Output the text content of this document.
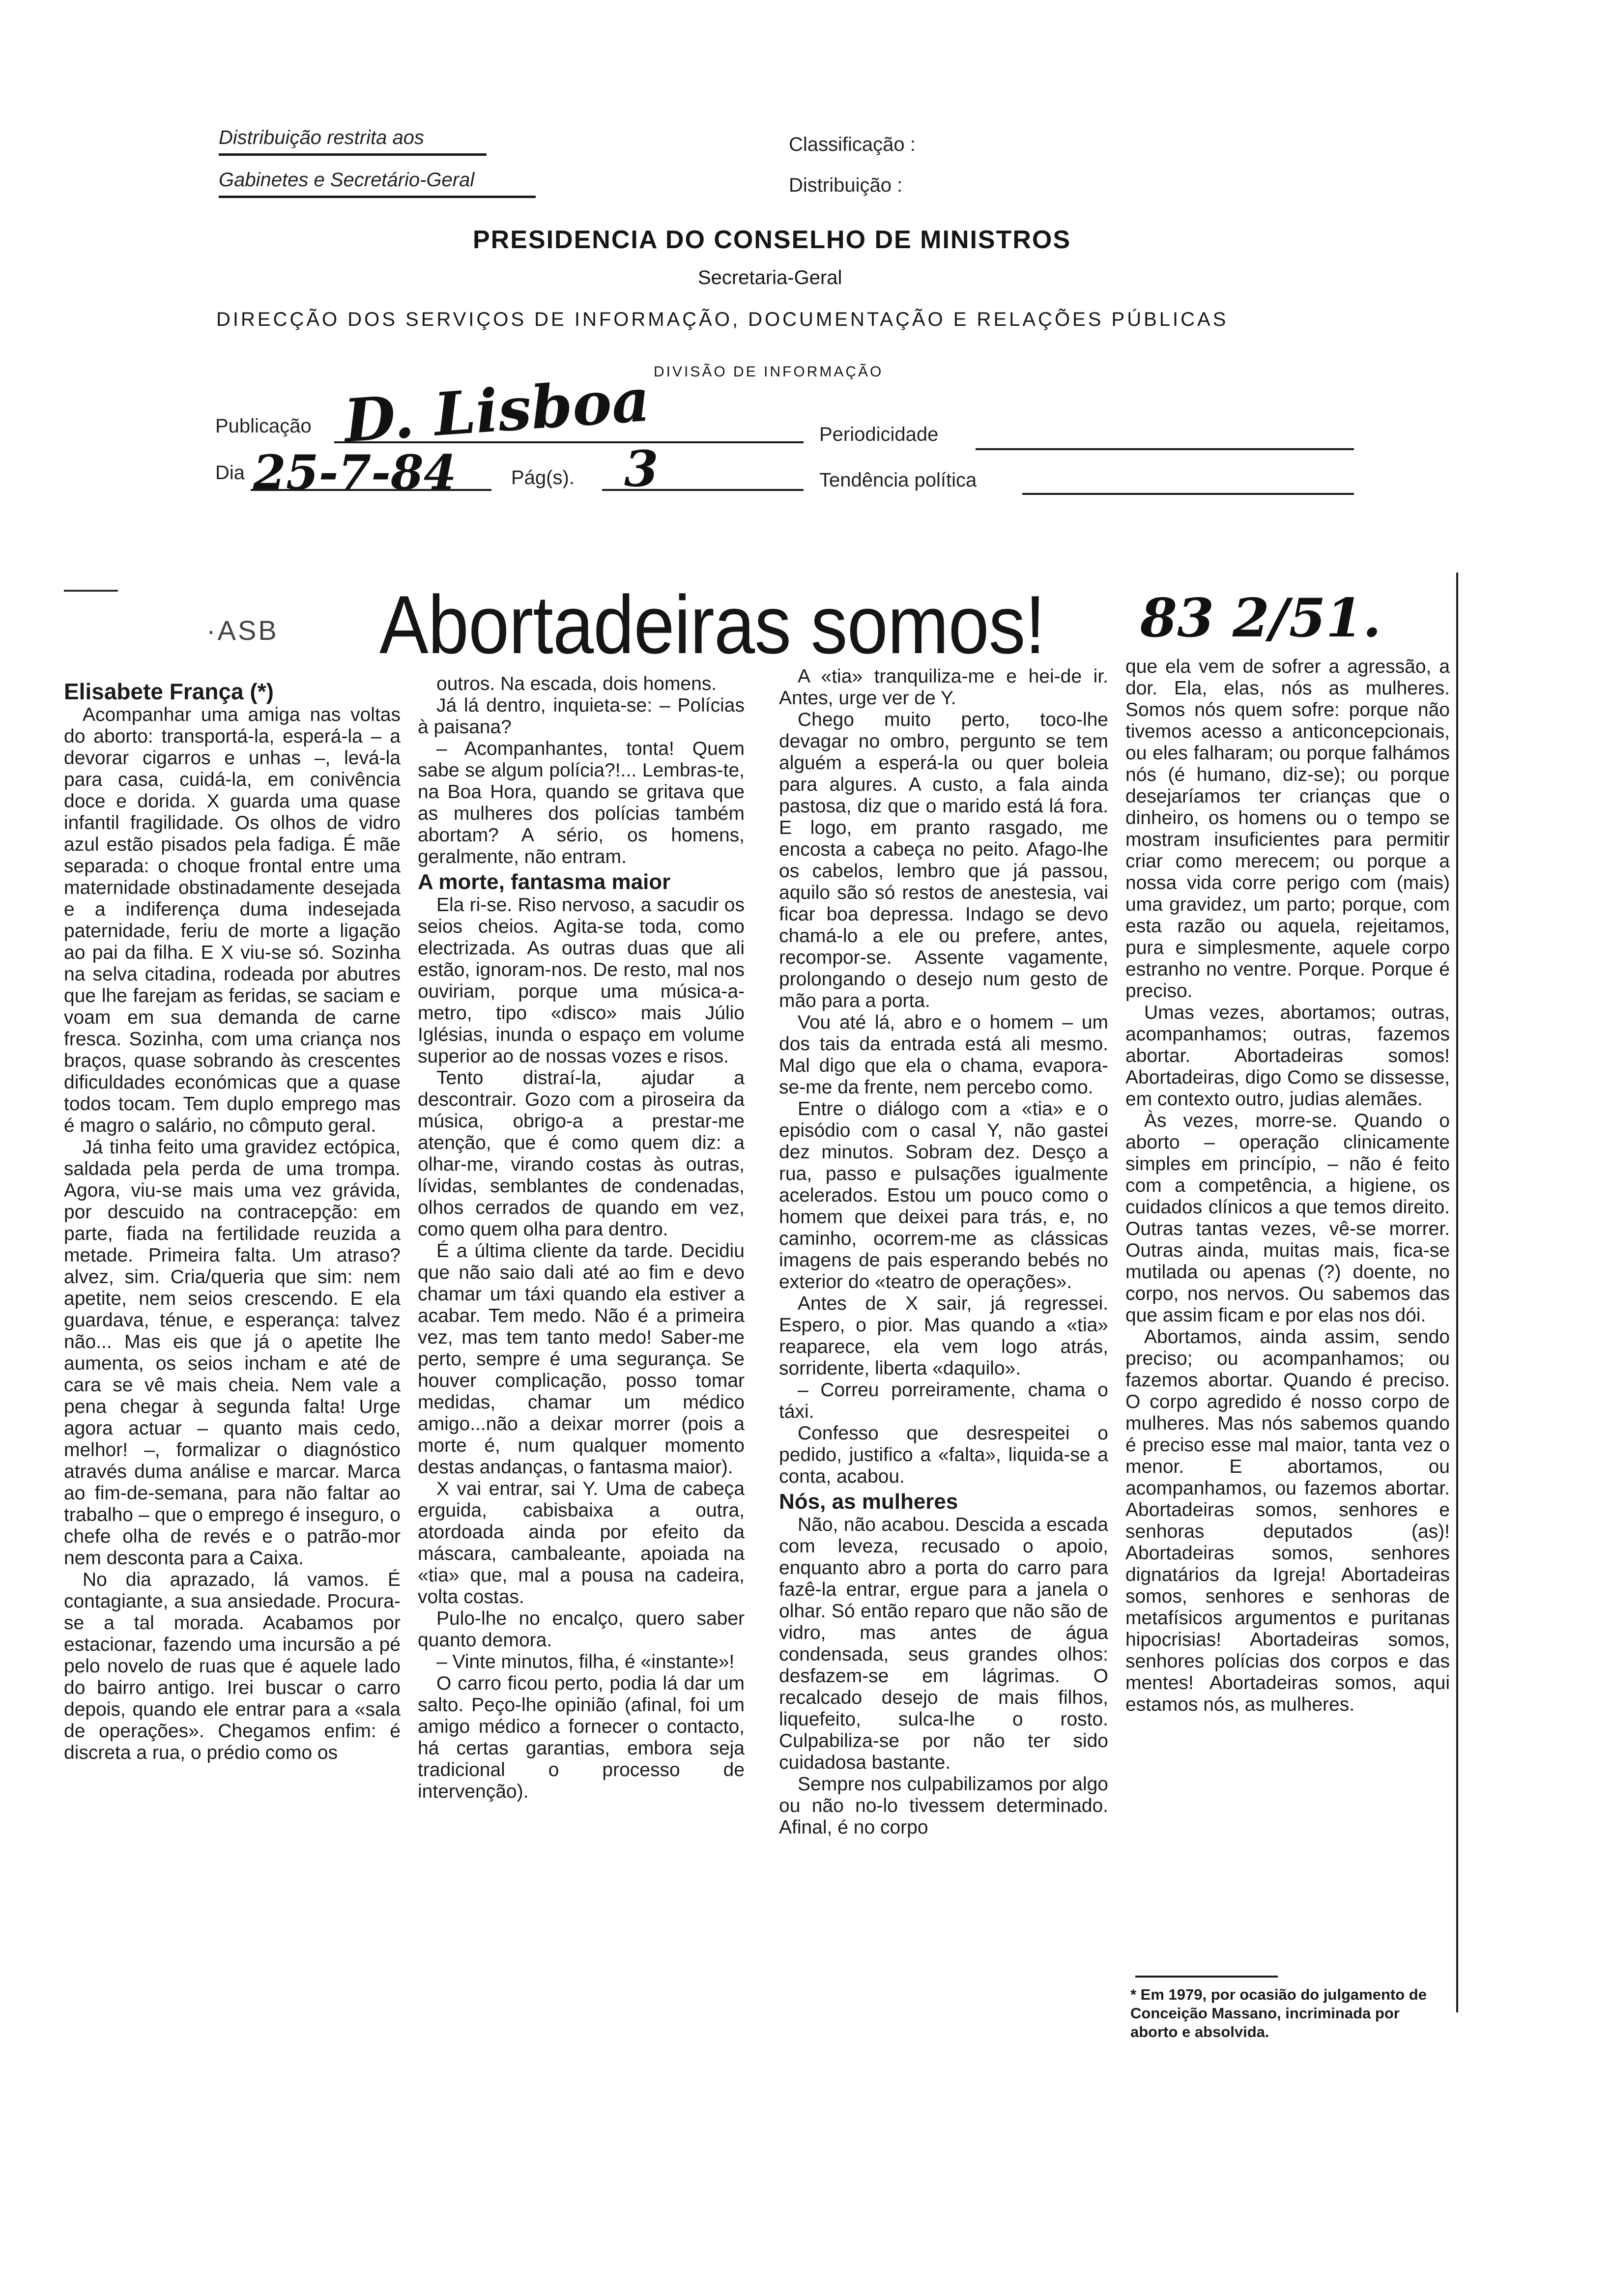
Distribuição restrita aos
Gabinetes e Secretário-Geral
Classificação :
Distribuição :
PRESIDENCIA DO CONSELHO DE MINISTROS
Secretaria-Geral
DIRECÇÃO DOS SERVIÇOS DE INFORMAÇÃO, DOCUMENTAÇÃO E RELAÇÕES PÚBLICAS
DIVISÃO DE INFORMAÇÃO
Publicação D. Lisboa	Periodicidade
Dia 25-7-84	Pág(s). 3	Tendência política
·ASB Abortadeiras somos! 83 2/51.
Elisabete França (*)

Acompanhar uma amiga nas voltas do aborto: transportá-la, esperá-la – a devorar cigarros e unhas –, levá-la para casa, cuidá-la, em conivência doce e dorida. X guarda uma quase infantil fragilidade. Os olhos de vidro azul estão pisados pela fadiga. É mãe separada: o choque frontal entre uma maternidade obstinadamente desejada e a indiferença duma indesejada paternidade, feriu de morte a ligação ao pai da filha. E X viu-se só. Sozinha na selva citadina, rodeada por abutres que lhe farejam as feridas, se saciam e voam em sua demanda de carne fresca. Sozinha, com uma criança nos braços, quase sobrando às crescentes dificuldades económicas que a quase todos tocam. Tem duplo emprego mas é magro o salário, no cômputo geral.

Já tinha feito uma gravidez ectópica, saldada pela perda de uma trompa. Agora, viu-se mais uma vez grávida, por descuido na contracepção: em parte, fiada na fertilidade reuzida a metade. Primeira falta. Um atraso? alvez, sim. Cria/queria que sim: nem apetite, nem seios crescendo. E ela guardava, ténue, e esperança: talvez não... Mas eis que já o apetite lhe aumenta, os seios incham e até de cara se vê mais cheia. Nem vale a pena chegar à segunda falta! Urge agora actuar – quanto mais cedo, melhor! –, formalizar o diagnóstico através duma análise e marcar. Marca ao fim-de-semana, para não faltar ao trabalho – que o emprego é inseguro, o chefe olha de revés e o patrão-mor nem desconta para a Caixa.

No dia aprazado, lá vamos. É contagiante, a sua ansiedade. Procura-se a tal morada. Acabamos por estacionar, fazendo uma incursão a pé pelo novelo de ruas que é aquele lado do bairro antigo. Irei buscar o carro depois, quando ele entrar para a «sala de operações». Chegamos enfim: é discreta a rua, o prédio como os

outros. Na escada, dois homens.

Já lá dentro, inquieta-se: – Polícias à paisana?

– Acompanhantes, tonta! Quem sabe se algum polícia?!... Lembras-te, na Boa Hora, quando se gritava que as mulheres dos polícias também abortam? A sério, os homens, geralmente, não entram.

A morte, fantasma maior

Ela ri-se. Riso nervoso, a sacudir os seios cheios. Agita-se toda, como electrizada. As outras duas que ali estão, ignoram-nos. De resto, mal nos ouviriam, porque uma música-a-metro, tipo «disco» mais Júlio Iglésias, inunda o espaço em volume superior ao de nossas vozes e risos.

Tento distraí-la, ajudar a descontrair. Gozo com a piroseira da música, obrigo-a a prestar-me atenção, que é como quem diz: a olhar-me, virando costas às outras, lívidas, semblantes de condenadas, olhos cerrados de quando em vez, como quem olha para dentro.

É a última cliente da tarde. Decidiu que não saio dali até ao fim e devo chamar um táxi quando ela estiver a acabar. Tem medo. Não é a primeira vez, mas tem tanto medo! Saber-me perto, sempre é uma segurança. Se houver complicação, posso tomar medidas, chamar um médico amigo...não a deixar morrer (pois a morte é, num qualquer momento destas andanças, o fantasma maior).

X vai entrar, sai Y. Uma de cabeça erguida, cabisbaixa a outra, atordoada ainda por efeito da máscara, cambaleante, apoiada na «tia» que, mal a pousa na cadeira, volta costas.

Pulo-lhe no encalço, quero saber quanto demora.

– Vinte minutos, filha, é «instante»!

O carro ficou perto, podia lá dar um salto. Peço-lhe opinião (afinal, foi um amigo médico a fornecer o contacto, há certas garantias, embora seja tradicional o processo de intervenção).

A «tia» tranquiliza-me e hei-de ir. Antes, urge ver de Y.

Chego muito perto, toco-lhe devagar no ombro, pergunto se tem alguém a esperá-la ou quer boleia para algures. A custo, a fala ainda pastosa, diz que o marido está lá fora. E logo, em pranto rasgado, me encosta a cabeça no peito. Afago-lhe os cabelos, lembro que já passou, aquilo são só restos de anestesia, vai ficar boa depressa. Indago se devo chamá-lo a ele ou prefere, antes, recompor-se. Assente vagamente, prolongando o desejo num gesto de mão para a porta.

Vou até lá, abro e o homem – um dos tais da entrada está ali mesmo. Mal digo que ela o chama, evapora-se-me da frente, nem percebo como.

Entre o diálogo com a «tia» e o episódio com o casal Y, não gastei dez minutos. Sobram dez. Desço a rua, passo e pulsações igualmente acelerados. Estou um pouco como o homem que deixei para trás, e, no caminho, ocorrem-me as clássicas imagens de pais esperando bebés no exterior do «teatro de operações».

Antes de X sair, já regressei. Espero, o pior. Mas quando a «tia» reaparece, ela vem logo atrás, sorridente, liberta «daquilo».

– Correu porreiramente, chama o táxi.

Confesso que desrespeitei o pedido, justifico a «falta», liquida-se a conta, acabou.

Nós, as mulheres

Não, não acabou. Descida a escada com leveza, recusado o apoio, enquanto abro a porta do carro para fazê-la entrar, ergue para a janela o olhar. Só então reparo que não são de vidro, mas antes de água condensada, seus grandes olhos: desfazem-se em lágrimas. O recalcado desejo de mais filhos, liquefeito, sulca-lhe o rosto. Culpabiliza-se por não ter sido cuidadosa bastante.

Sempre nos culpabilizamos por algo ou não no-lo tivessem determinado. Afinal, é no corpo

que ela vem de sofrer a agressão, a dor. Ela, elas, nós as mulheres. Somos nós quem sofre: porque não tivemos acesso a anticoncepcionais, ou eles falharam; ou porque falhámos nós (é humano, diz-se); ou porque desejaríamos ter crianças que o dinheiro, os homens ou o tempo se mostram insuficientes para permitir criar como merecem; ou porque a nossa vida corre perigo com (mais) uma gravidez, um parto; porque, com esta razão ou aquela, rejeitamos, pura e simplesmente, aquele corpo estranho no ventre. Porque. Porque é preciso.

Umas vezes, abortamos; outras, acompanhamos; outras, fazemos abortar. Abortadeiras somos! Abortadeiras, digo Como se dissesse, em contexto outro, judias alemães.

Às vezes, morre-se. Quando o aborto – operação clinicamente simples em princípio, – não é feito com a competência, a higiene, os cuidados clínicos a que temos direito. Outras tantas vezes, vê-se morrer. Outras ainda, muitas mais, fica-se mutilada ou apenas (?) doente, no corpo, nos nervos. Ou sabemos das que assim ficam e por elas nos dói.

Abortamos, ainda assim, sendo preciso; ou acompanhamos; ou fazemos abortar. Quando é preciso. O corpo agredido é nosso corpo de mulheres. Mas nós sabemos quando é preciso esse mal maior, tanta vez o menor. E abortamos, ou acompanhamos, ou fazemos abortar. Abortadeiras somos, senhores e senhoras deputados (as)! Abortadeiras somos, senhores dignatários da Igreja! Abortadeiras somos, senhores e senhoras de metafísicos argumentos e puritanas hipocrisias! Abortadeiras somos, senhores polícias dos corpos e das mentes! Abortadeiras somos, aqui estamos nós, as mulheres.

* Em 1979, por ocasião do julgamento de Conceição Massano, incriminada por aborto e absolvida.
